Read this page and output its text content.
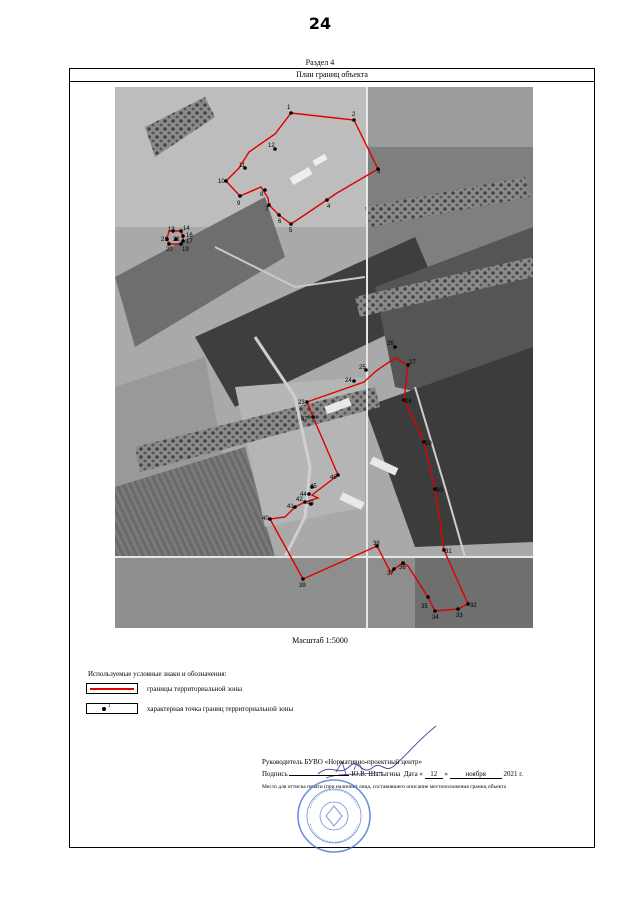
24
Раздел 4
План границ объекта
1
2
3
4
5
6
7
8
9
10
11
12
13 14
16
17
19
20
21 22
23
24
25
26
27
28
29
30
31
32
33
34
35
36
37
38
39
40
41
42
43
44
45
46
47
Масштаб 1:5000
Используемые условные знаки и обозначения:
границы территориальной зоны
1	характерная точка границ территориальной зоны
Руководитель БУВО «Нормативно-проектный центр»
Подпись	Ю.В. Шалыгина Дата « 12 » ноября 2021 г.
Место для оттиска печати (при наличии) лица, составившего описание местоположения границ объекта
